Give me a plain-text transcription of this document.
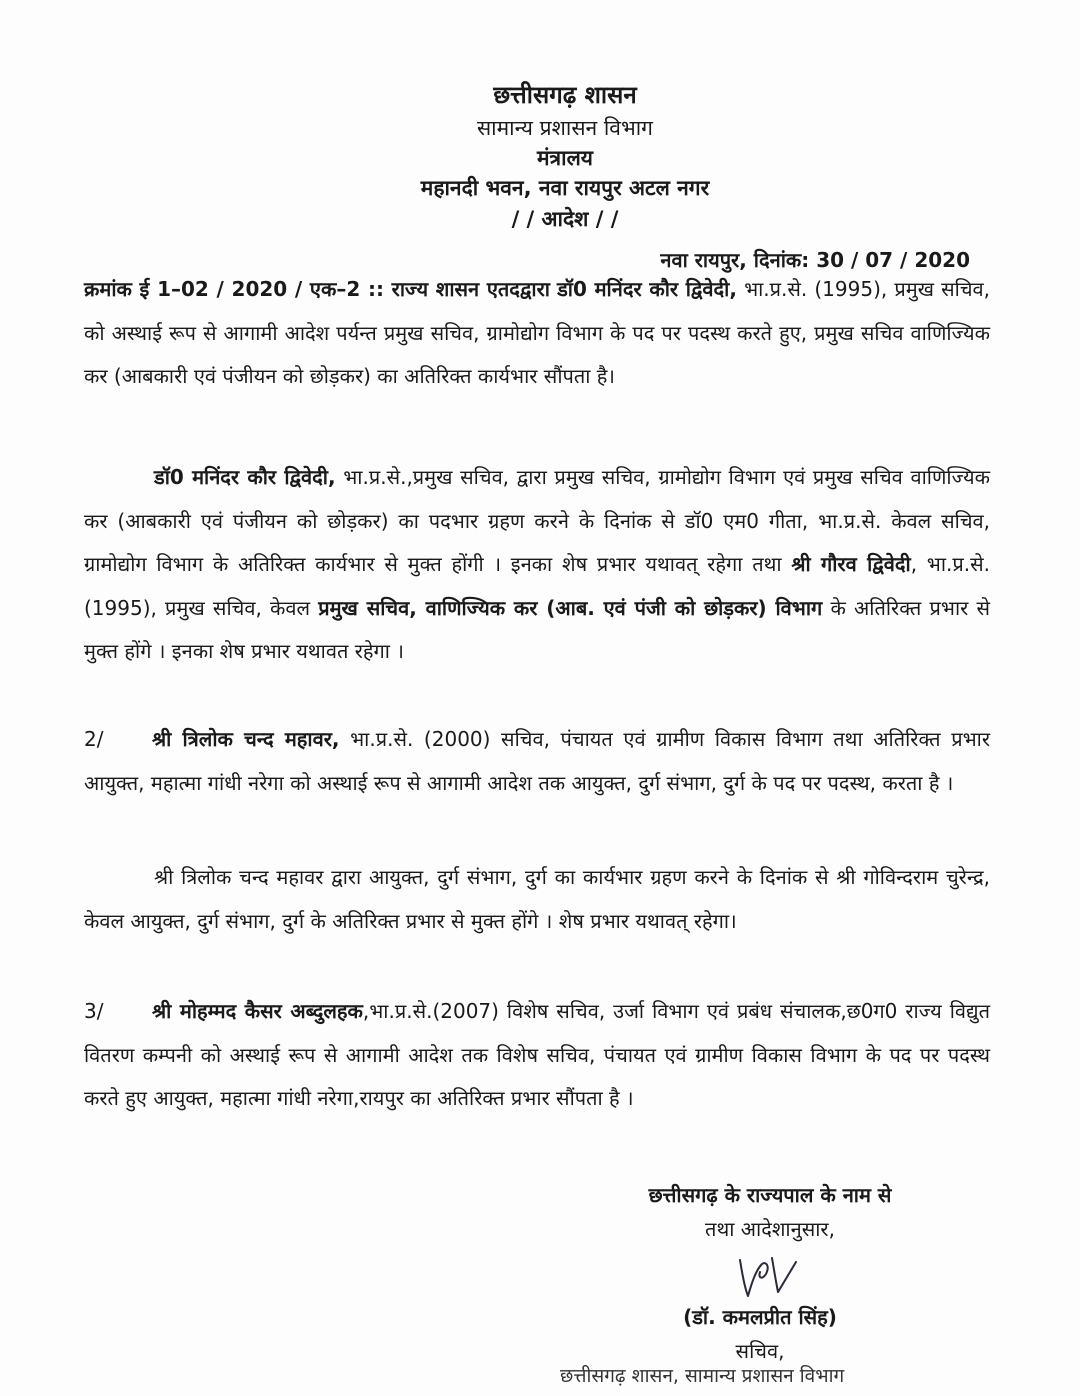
छत्तीसगढ़ शासन
सामान्य प्रशासन विभाग
मंत्रालय
महानदी भवन, नवा रायपुर अटल नगर
/ / आदेश / /
नवा रायपुर, दिनांक: 30 / 07 / 2020

क्रमांक ई 1–02 / 2020 / एक–2 :: राज्य शासन एतदद्वारा डॉ0 मनिंदर कौर द्विवेदी, भा.प्र.से. (1995), प्रमुख सचिव, को अस्थाई रूप से आगामी आदेश पर्यन्त प्रमुख सचिव, ग्रामोद्योग विभाग के पद पर पदस्थ करते हुए, प्रमुख सचिव वाणिज्यिक कर (आबकारी एवं पंजीयन को छोड़कर) का अतिरिक्त कार्यभार सौंपता है।

डॉ0 मनिंदर कौर द्विवेदी, भा.प्र.से.,प्रमुख सचिव, द्वारा प्रमुख सचिव, ग्रामोद्योग विभाग एवं प्रमुख सचिव वाणिज्यिक कर (आबकारी एवं पंजीयन को छोड़कर) का पदभार ग्रहण करने के दिनांक से डॉ0 एम0 गीता, भा.प्र.से. केवल सचिव, ग्रामोद्योग विभाग के अतिरिक्त कार्यभार से मुक्त होंगी । इनका शेष प्रभार यथावत् रहेगा तथा श्री गौरव द्विवेदी, भा.प्र.से. (1995), प्रमुख सचिव, केवल प्रमुख सचिव, वाणिज्यिक कर (आब. एवं पंजी को छोड़कर) विभाग के अतिरिक्त प्रभार से मुक्त होंगे । इनका शेष प्रभार यथावत रहेगा ।

2/ श्री त्रिलोक चन्द महावर, भा.प्र.से. (2000) सचिव, पंचायत एवं ग्रामीण विकास विभाग तथा अतिरिक्त प्रभार आयुक्त, महात्मा गांधी नरेगा को अस्थाई रूप से आगामी आदेश तक आयुक्त, दुर्ग संभाग, दुर्ग के पद पर पदस्थ, करता है ।

श्री त्रिलोक चन्द महावर द्वारा आयुक्त, दुर्ग संभाग, दुर्ग का कार्यभार ग्रहण करने के दिनांक से श्री गोविन्दराम चुरेन्द्र, केवल आयुक्त, दुर्ग संभाग, दुर्ग के अतिरिक्त प्रभार से मुक्त होंगे । शेष प्रभार यथावत् रहेगा।

3/ श्री मोहम्मद कैसर अब्दुलहक,भा.प्र.से.(2007) विशेष सचिव, उर्जा विभाग एवं प्रबंध संचालक,छ0ग0 राज्य विद्युत वितरण कम्पनी को अस्थाई रूप से आगामी आदेश तक विशेष सचिव, पंचायत एवं ग्रामीण विकास विभाग के पद पर पदस्थ करते हुए आयुक्त, महात्मा गांधी नरेगा,रायपुर का अतिरिक्त प्रभार सौंपता है ।

छत्तीसगढ़ के राज्यपाल के नाम से
तथा आदेशानुसार,
(डॉ. कमलप्रीत सिंह)
सचिव,
छत्तीसगढ़ शासन, सामान्य प्रशासन विभाग
